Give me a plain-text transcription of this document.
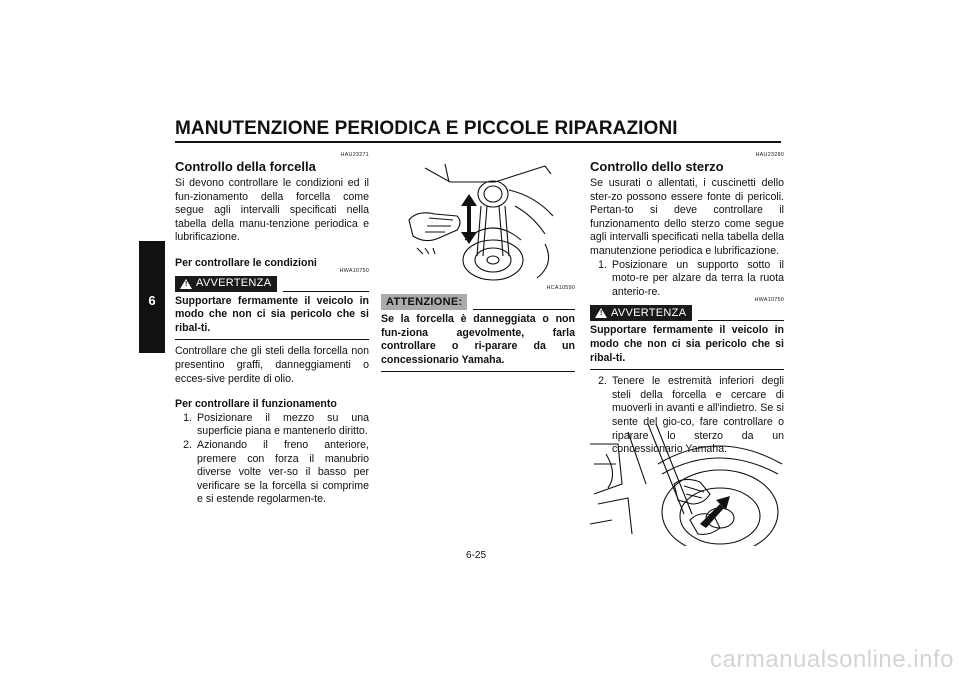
MANUTENZIONE PERIODICA E PICCOLE RIPARAZIONI
6
HAU23271
Controllo della forcella
Si devono controllare le condizioni ed il fun-zionamento della forcella come segue agli intervalli specificati nella tabella della manu-tenzione periodica e lubrificazione.
Per controllare le condizioni
HWA10750
! AVVERTENZA
Supportare fermamente il veicolo in modo che non ci sia pericolo che si ribal-ti.
Controllare che gli steli della forcella non presentino graffi, danneggiamenti o ecces-sive perdite di olio.
Per controllare il funzionamento
1. Posizionare il mezzo su una superficie piana e mantenerlo diritto.
2. Azionando il freno anteriore, premere con forza il manubrio diverse volte ver-so il basso per verificare se la forcella si comprime e si estende regolarmen-te.
HCA10590
ATTENZIONE:
Se la forcella è danneggiata o non fun-ziona agevolmente, farla controllare o ri-parare da un concessionario Yamaha.
HAU23280
Controllo dello sterzo
Se usurati o allentati, i cuscinetti dello ster-zo possono essere fonte di pericoli. Pertan-to si deve controllare il funzionamento dello sterzo come segue agli intervalli specificati nella tabella della manutenzione periodica e lubrificazione.
1. Posizionare un supporto sotto il moto-re per alzare da terra la ruota anterio-re.
HWA10750
! AVVERTENZA
Supportare fermamente il veicolo in modo che non ci sia pericolo che si ribal-ti.
2. Tenere le estremità inferiori degli steli della forcella e cercare di muoverli in avanti e all'indietro. Se si sente del gio-co, fare controllare o riparare lo sterzo da un concessionario Yamaha.
6-25
carmanualsonline.info
